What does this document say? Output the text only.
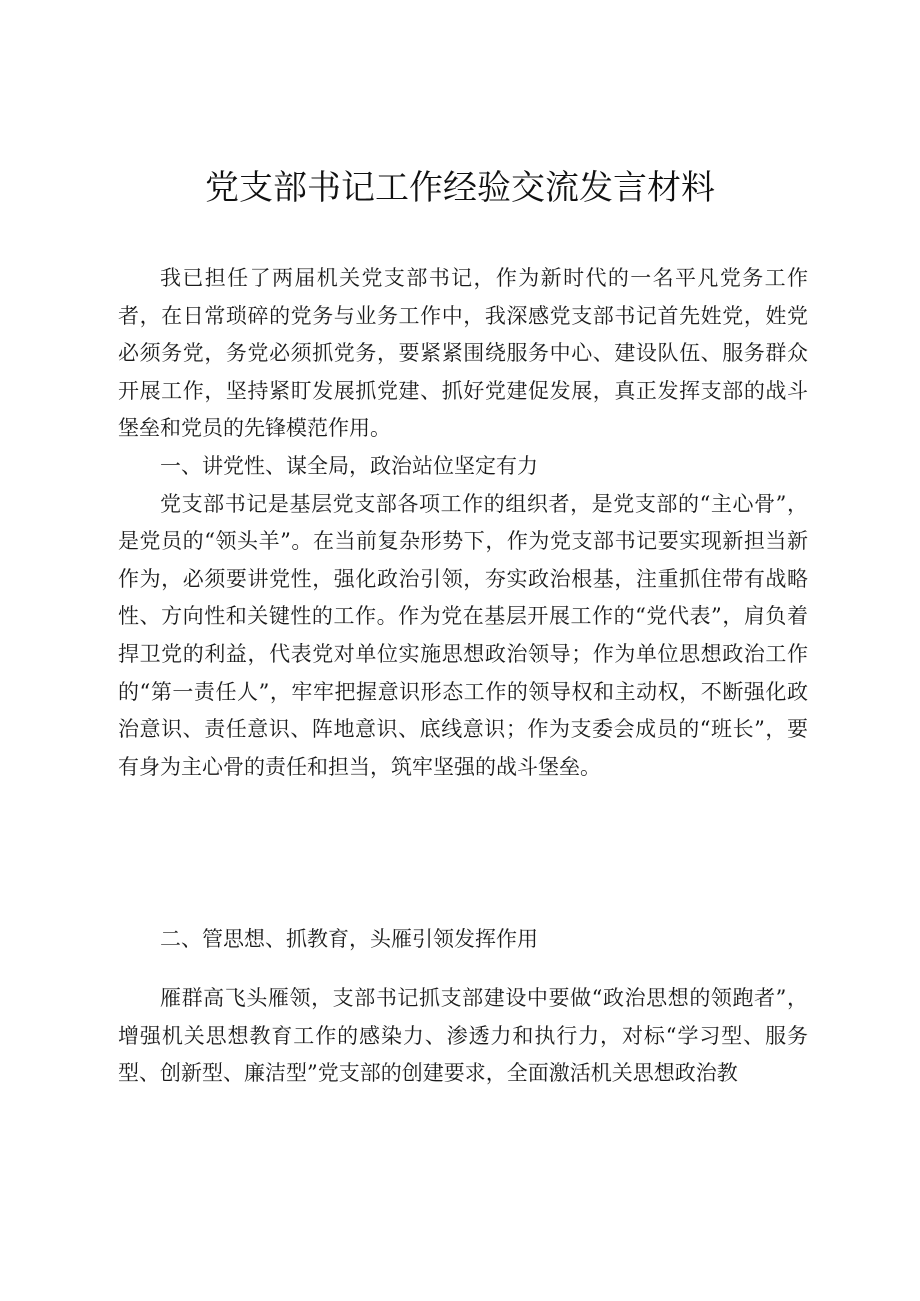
党支部书记工作经验交流发言材料

我已担任了两届机关党支部书记，作为新时代的一名平凡党务工作者，在日常琐碎的党务与业务工作中，我深感党支部书记首先姓党，姓党必须务党，务党必须抓党务，要紧紧围绕服务中心、建设队伍、服务群众开展工作，坚持紧盯发展抓党建、抓好党建促发展，真正发挥支部的战斗堡垒和党员的先锋模范作用。

一、讲党性、谋全局，政治站位坚定有力

党支部书记是基层党支部各项工作的组织者，是党支部的“主心骨”，是党员的“领头羊”。在当前复杂形势下，作为党支部书记要实现新担当新作为，必须要讲党性，强化政治引领，夯实政治根基，注重抓住带有战略性、方向性和关键性的工作。作为党在基层开展工作的“党代表”，肩负着捍卫党的利益，代表党对单位实施思想政治领导；作为单位思想政治工作的“第一责任人”，牢牢把握意识形态工作的领导权和主动权，不断强化政治意识、责任意识、阵地意识、底线意识；作为支委会成员的“班长”，要有身为主心骨的责任和担当，筑牢坚强的战斗堡垒。

二、管思想、抓教育，头雁引领发挥作用

雁群高飞头雁领，支部书记抓支部建设中要做“政治思想的领跑者”，增强机关思想教育工作的感染力、渗透力和执行力，对标“学习型、服务型、创新型、廉洁型”党支部的创建要求，全面激活机关思想政治教
